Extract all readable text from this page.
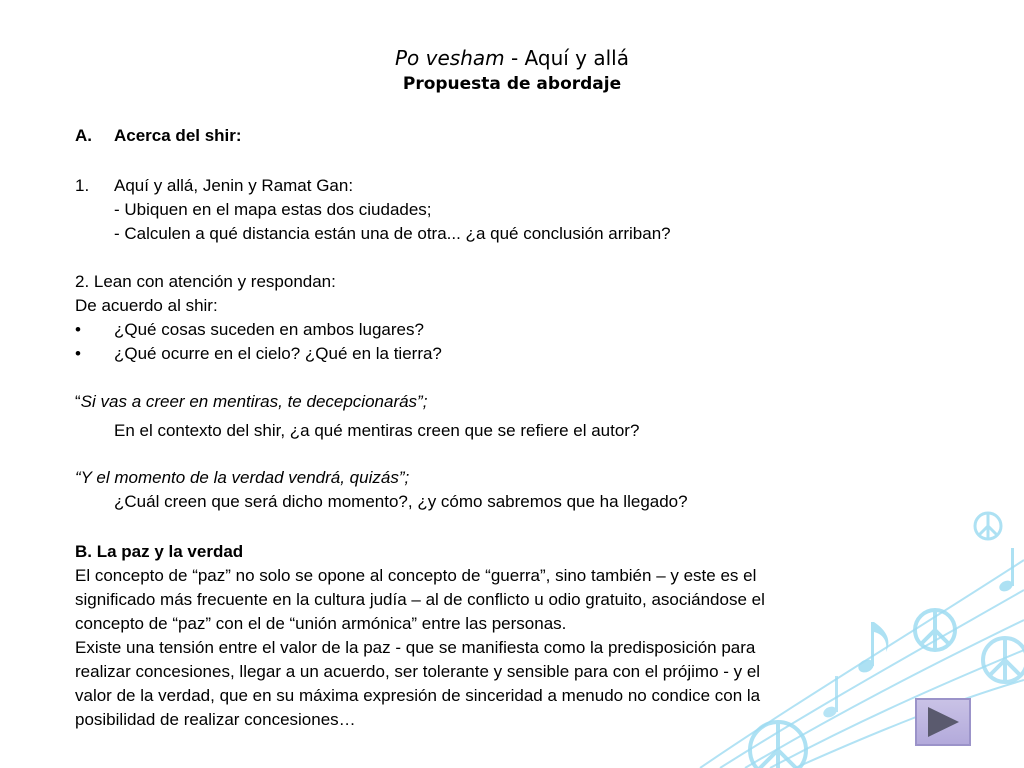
Po vesham - Aquí y allá
Propuesta de abordaje
A. Acerca del shir:
1. Aquí y allá, Jenin y Ramat Gan:
- Ubiquen en el mapa estas dos ciudades;
- Calculen a qué distancia están una de otra... ¿a qué conclusión arriban?
2. Lean con atención y respondan:
De acuerdo al shir:
• ¿Qué cosas suceden en ambos lugares?
• ¿Qué ocurre en el cielo? ¿Qué en la tierra?
“Si vas a creer en mentiras, te decepcionarás”;
En el contexto del shir, ¿a qué mentiras creen que se refiere el autor?
“Y el momento de la verdad vendrá, quizás”;
¿Cuál creen que será dicho momento?, ¿y cómo sabremos que ha llegado?
B. La paz y la verdad
El concepto de “paz” no solo se opone al concepto de “guerra”, sino también – y este es el
significado más frecuente en la cultura judía – al de conflicto u odio gratuito, asociándose el
concepto de “paz” con el de “unión armónica” entre las personas.
Existe una tensión entre el valor de la paz - que se manifiesta como la predisposición para
realizar concesiones, llegar a un acuerdo, ser tolerante y sensible para con el prójimo - y el
valor de la verdad, que en su máxima expresión de sinceridad a menudo no condice con la
posibilidad de realizar concesiones…
